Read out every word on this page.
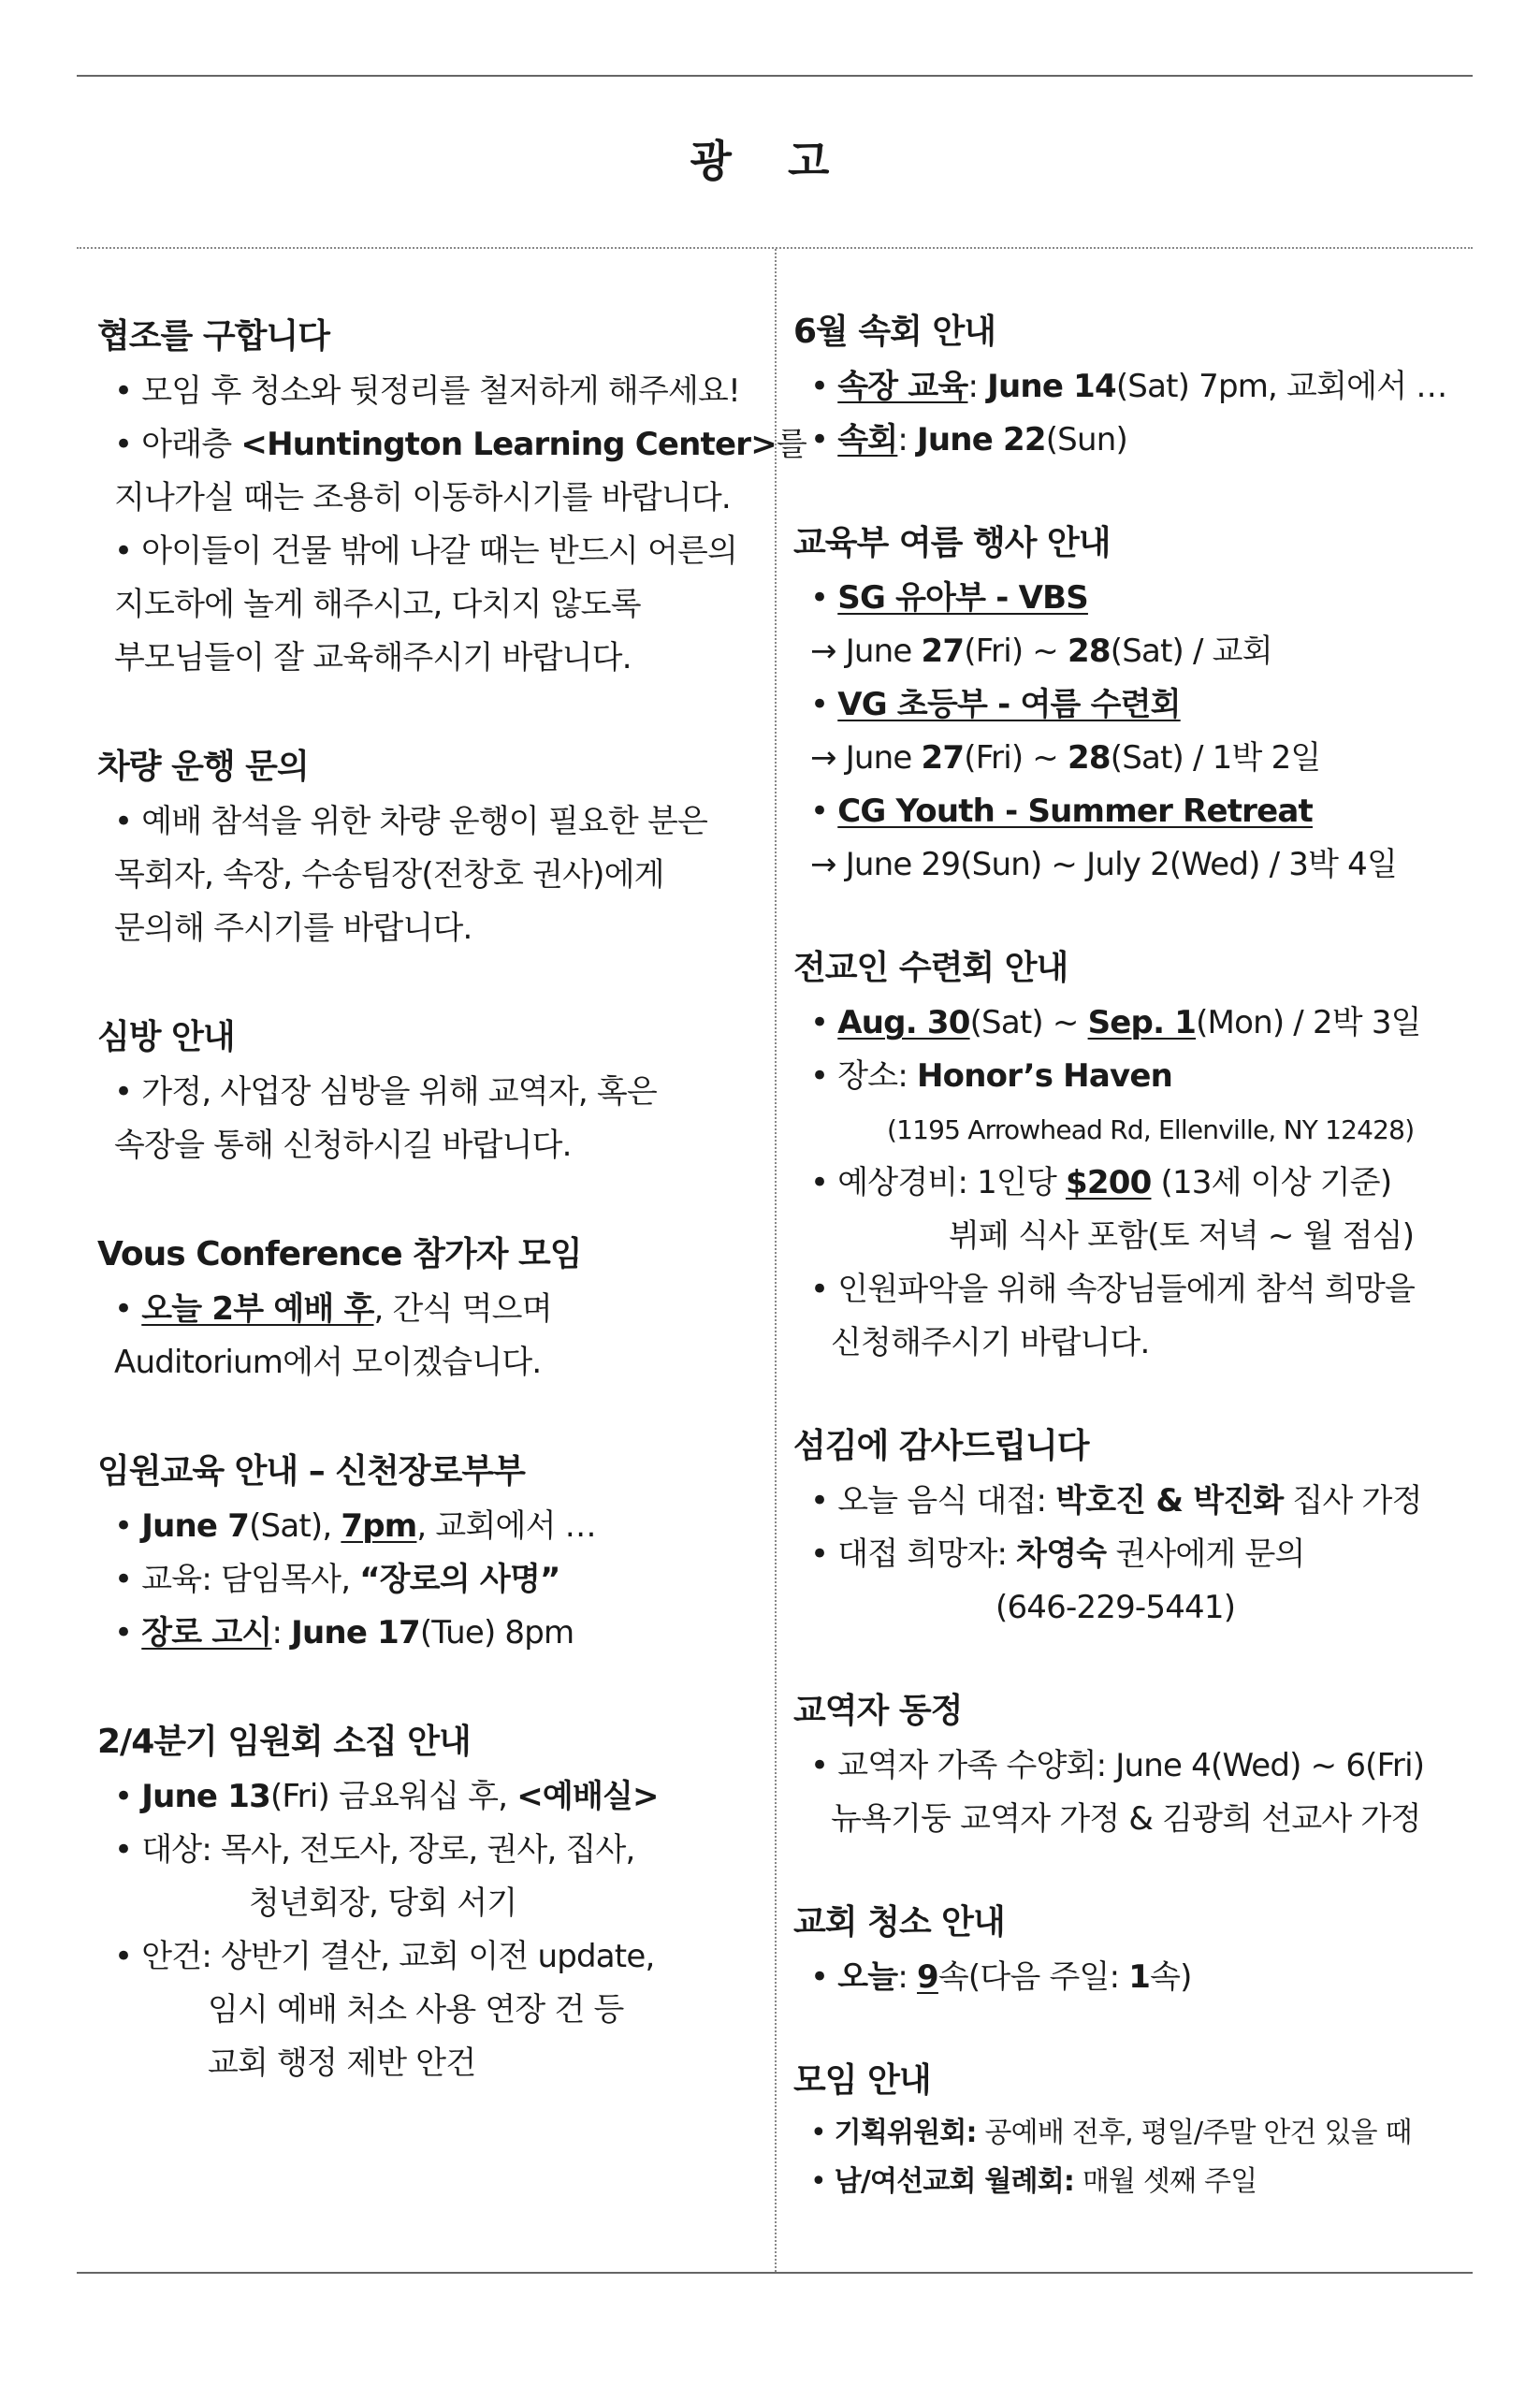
광 고
협조를 구합니다
• 모임 후 청소와 뒷정리를 철저하게 해주세요!
• 아래층 <Huntington Learning Center>를
지나가실 때는 조용히 이동하시기를 바랍니다.
• 아이들이 건물 밖에 나갈 때는 반드시 어른의
지도하에 놀게 해주시고, 다치지 않도록
부모님들이 잘 교육해주시기 바랍니다.
차량 운행 문의
• 예배 참석을 위한 차량 운행이 필요한 분은
목회자, 속장, 수송팀장(전창호 권사)에게
문의해 주시기를 바랍니다.
심방 안내
• 가정, 사업장 심방을 위해 교역자, 혹은
속장을 통해 신청하시길 바랍니다.
Vous Conference 참가자 모임
• 오늘 2부 예배 후, 간식 먹으며
Auditorium에서 모이겠습니다.
임원교육 안내 – 신천장로부부
• June 7(Sat), 7pm, 교회에서 …
• 교육: 담임목사, “장로의 사명”
• 장로 고시: June 17(Tue) 8pm
2/4분기 임원회 소집 안내
• June 13(Fri) 금요워십 후, <예배실>
• 대상: 목사, 전도사, 장로, 권사, 집사,
청년회장, 당회 서기
• 안건: 상반기 결산, 교회 이전 update,
임시 예배 처소 사용 연장 건 등
교회 행정 제반 안건
6월 속회 안내
• 속장 교육: June 14(Sat) 7pm, 교회에서 …
• 속회: June 22(Sun)
교육부 여름 행사 안내
• SG 유아부 - VBS
→ June 27(Fri) ~ 28(Sat) / 교회
• VG 초등부 - 여름 수련회
→ June 27(Fri) ~ 28(Sat) / 1박 2일
• CG Youth - Summer Retreat
→ June 29(Sun) ~ July 2(Wed) / 3박 4일
전교인 수련회 안내
• Aug. 30(Sat) ~ Sep. 1(Mon) / 2박 3일
• 장소: Honor’s Haven
(1195 Arrowhead Rd, Ellenville, NY 12428)
• 예상경비: 1인당 $200 (13세 이상 기준)
뷔페 식사 포함(토 저녁 ~ 월 점심)
• 인원파악을 위해 속장님들에게 참석 희망을
신청해주시기 바랍니다.
섬김에 감사드립니다
• 오늘 음식 대접: 박호진 & 박진화 집사 가정
• 대접 희망자: 차영숙 권사에게 문의
(646-229-5441)
교역자 동정
• 교역자 가족 수양회: June 4(Wed) ~ 6(Fri)
뉴욕기둥 교역자 가정 & 김광희 선교사 가정
교회 청소 안내
• 오늘: 9속(다음 주일: 1속)
모임 안내
• 기획위원회: 공예배 전후, 평일/주말 안건 있을 때
• 남/여선교회 월례회: 매월 셋째 주일
